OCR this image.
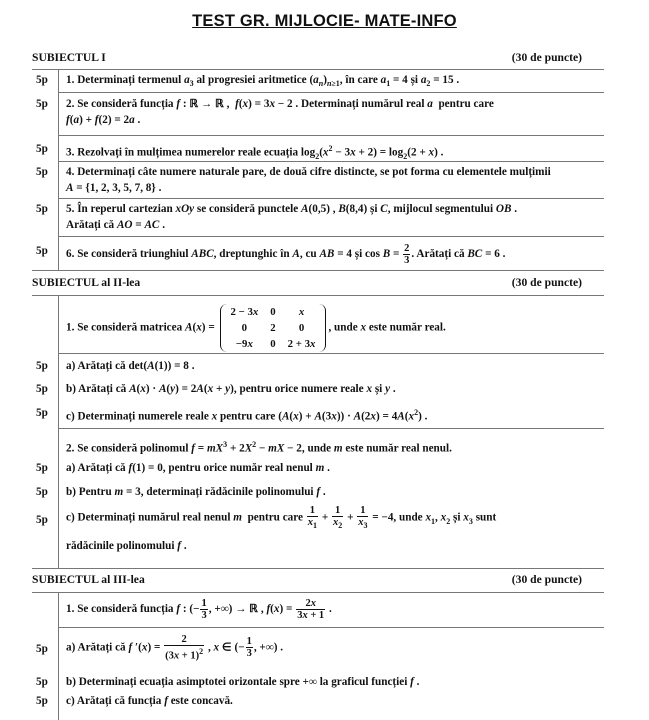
TEST GR. MIJLOCIE- MATE-INFO
SUBIECTUL I	(30 de puncte)
5p 1. Determinați termenul $a_3$ al progresiei aritmetice $(a_n)_{n\ge 1}$, în care $a_1 = 4$ și $a_2 = 15$ .
5p 2. Se consideră funcția f : ℝ → ℝ ,  f(x) = 3x − 2 . Determinați numărul real a pentru care
f(a) + f(2) = 2a .
5p 3. Rezolvați în mulțimea numerelor reale ecuația $\log_2(x^2 - 3x + 2) = \log_2(2 + x)$ .
5p 4. Determinați câte numere naturale pare, de două cifre distincte, se pot forma cu elementele mulțimii
A = {1, 2, 3, 5, 7, 8} .
5p 5. În reperul cartezian xOy se consideră punctele A(0,5) , B(8,4) și C, mijlocul segmentului OB .
Arătați că AO = AC .
5p 6. Se consideră triunghiul ABC, dreptunghic în A, cu AB = 4 și $\cos B = \frac{2}{3}$ . Arătați că BC = 6 .
SUBIECTUL al II-lea	(30 de puncte)
1. Se consideră matricea A(x) =
2 − 3x	0	x
0	2	0
−9x	0	2 + 3x
, unde x este număr real.
5p a) Arătați că det(A(1)) = 8 .
5p b) Arătați că A(x) · A(y) = 2A(x + y), pentru orice numere reale x și y .
5p c) Determinați numerele reale x pentru care $(A(x) + A(3x)) \cdot A(2x) = 4A(x^2)$ .
2. Se consideră polinomul $f = mX^3 + 2X^2$ − mX − 2, unde m este număr real nenul.
5p a) Arătați că f(1) = 0, pentru orice număr real nenul m .
5p b) Pentru m = 3, determinați rădăcinile polinomului f .
5p c) Determinați numărul real nenul m pentru care $\frac{1}{x_1} + \frac{1}{x_2} + \frac{1}{x_3} = -4$, unde $x_1$, $x_2$ și $x_3$ sunt
rădăcinile polinomului f .
SUBIECTUL al III-lea	(30 de puncte)
1. Se consideră funcția f : (− $\frac{1}{3}$ , +∞) → ℝ , $f(x) = \frac{2x}{3x + 1}$ .
5p a) Arătați că f $'(x) = \frac{2}{(3x + 1)^2}$ , x ∈ (− $\frac{1}{3}$ , +∞) .
5p b) Determinați ecuația asimptotei orizontale spre +∞ la graficul funcției f .
5p c) Arătați că funcția f este concavă.
